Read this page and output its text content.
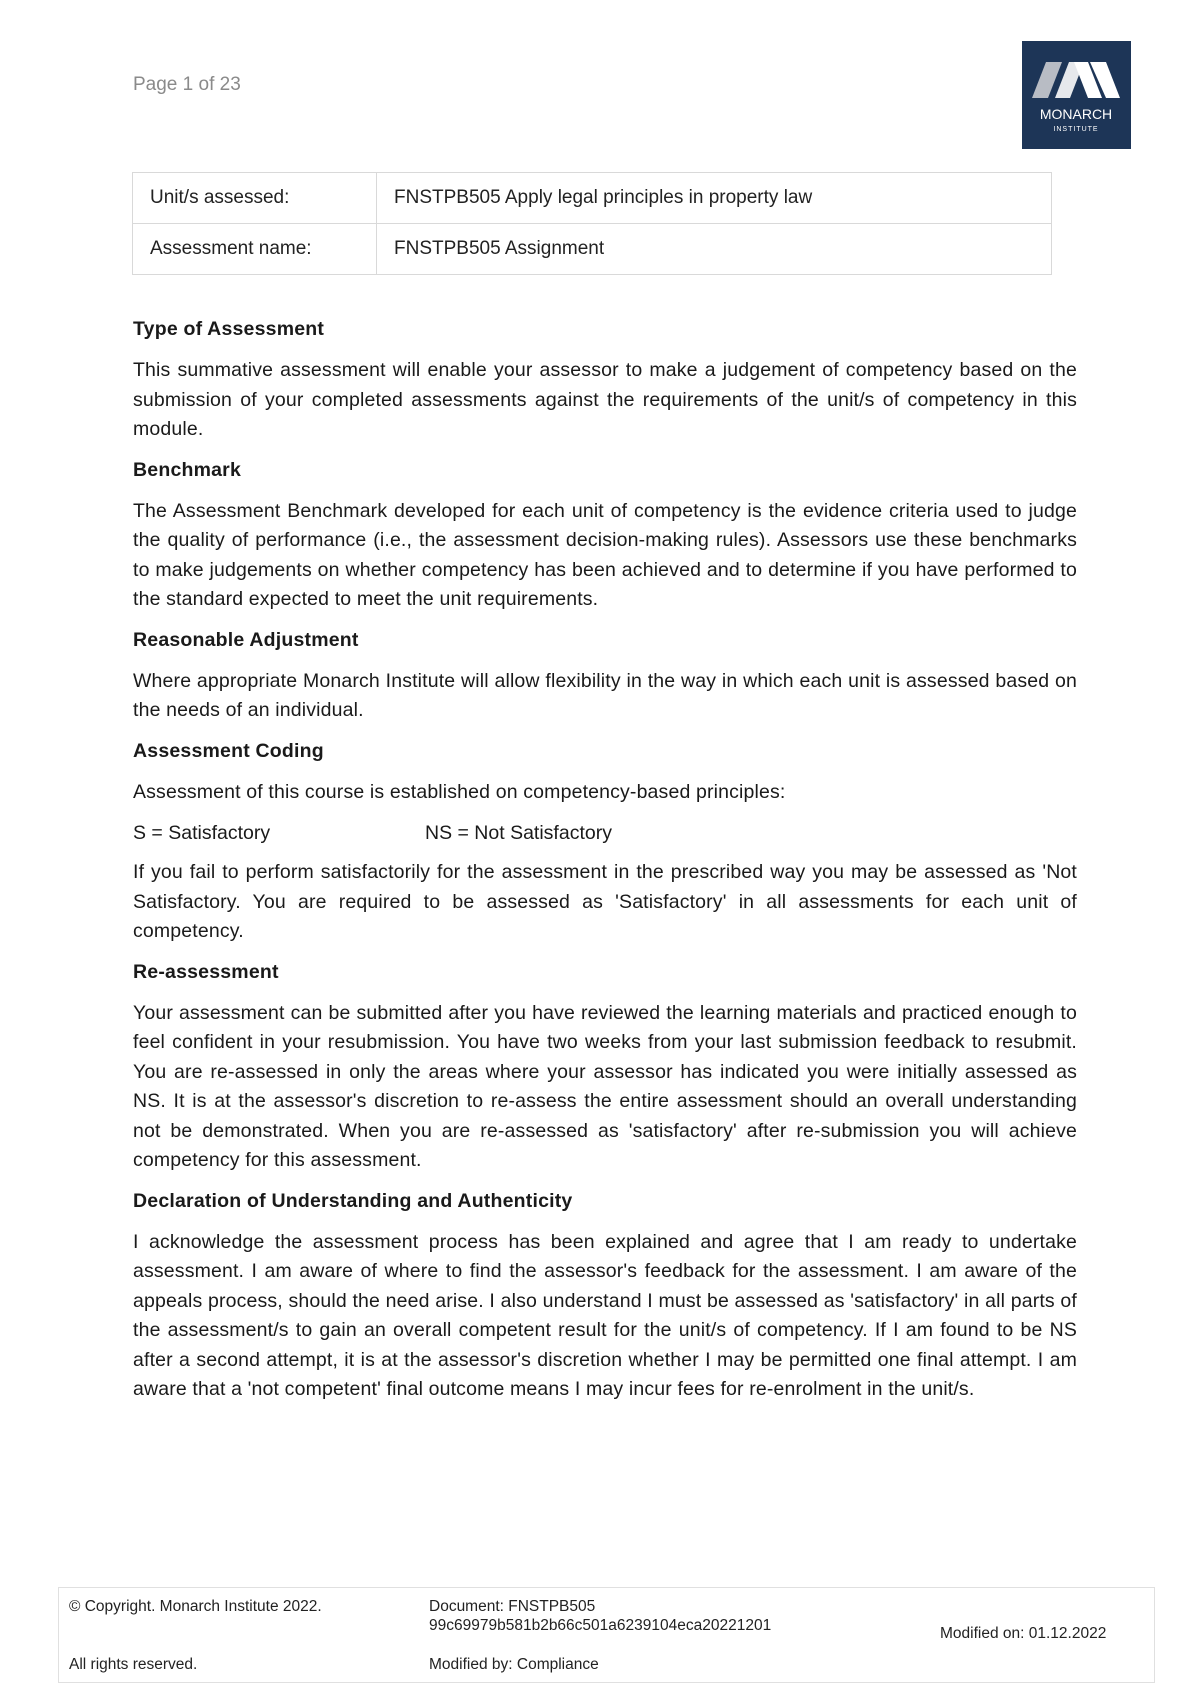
Page 1 of 23
MONARCH
INSTITUTE
Unit/s assessed:	FNSTPB505 Apply legal principles in property law
Assessment name:	FNSTPB505 Assignment
Type of Assessment

This summative assessment will enable your assessor to make a judgement of competency based on the submission of your completed assessments against the requirements of the unit/s of competency in this module.

Benchmark

The Assessment Benchmark developed for each unit of competency is the evidence criteria used to judge the quality of performance (i.e., the assessment decision-making rules). Assessors use these benchmarks to make judgements on whether competency has been achieved and to determine if you have performed to the standard expected to meet the unit requirements.

Reasonable Adjustment

Where appropriate Monarch Institute will allow flexibility in the way in which each unit is assessed based on the needs of an individual.

Assessment Coding

Assessment of this course is established on competency-based principles:

S = Satisfactory	NS = Not Satisfactory

If you fail to perform satisfactorily for the assessment in the prescribed way you may be assessed as 'Not Satisfactory. You are required to be assessed as 'Satisfactory' in all assessments for each unit of competency.

Re-assessment

Your assessment can be submitted after you have reviewed the learning materials and practiced enough to feel confident in your resubmission. You have two weeks from your last submission feedback to resubmit. You are re-assessed in only the areas where your assessor has indicated you were initially assessed as NS. It is at the assessor's discretion to re-assess the entire assessment should an overall understanding not be demonstrated. When you are re-assessed as 'satisfactory' after re-submission you will achieve competency for this assessment.

Declaration of Understanding and Authenticity

I acknowledge the assessment process has been explained and agree that I am ready to undertake assessment. I am aware of where to find the assessor's feedback for the assessment. I am aware of the appeals process, should the need arise. I also understand I must be assessed as 'satisfactory' in all parts of the assessment/s to gain an overall competent result for the unit/s of competency. If I am found to be NS after a second attempt, it is at the assessor's discretion whether I may be permitted one final attempt. I am aware that a 'not competent' final outcome means I may incur fees for re-enrolment in the unit/s.

© Copyright. Monarch Institute 2022.
All rights reserved.
Document: FNSTPB505
99c69979b581b2b66c501a6239104eca20221201
Modified by: Compliance
Modified on: 01.12.2022
